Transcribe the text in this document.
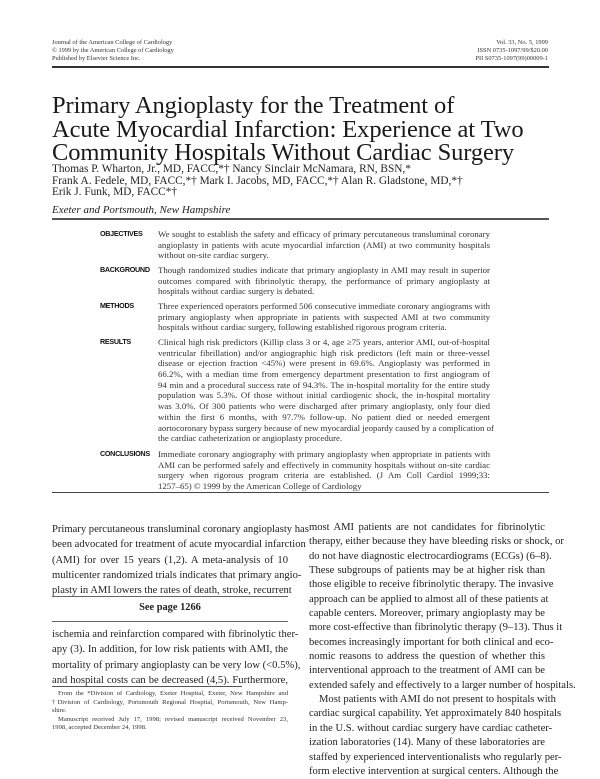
Journal of the American College of Cardiology
© 1999 by the American College of Cardiology
Published by Elsevier Science Inc.
Vol. 33, No. 5, 1999
ISSN 0735-1097/99/$20.00
PII S0735-1097(99)00009-1
Primary Angioplasty for the Treatment of
Acute Myocardial Infarction: Experience at Two
Community Hospitals Without Cardiac Surgery
Thomas P. Wharton, Jr., MD, FACC,*† Nancy Sinclair McNamara, RN, BSN,*
Frank A. Fedele, MD, FACC,*† Mark I. Jacobs, MD, FACC,*† Alan R. Gladstone, MD,*†
Erik J. Funk, MD, FACC*†
Exeter and Portsmouth, New Hampshire
OBJECTIVES We sought to establish the safety and efficacy of primary percutaneous transluminal coronary
angioplasty in patients with acute myocardial infarction (AMI) at two community hospitals
without on-site cardiac surgery.
BACKGROUND Though randomized studies indicate that primary angioplasty in AMI may result in superior
outcomes compared with fibrinolytic therapy, the performance of primary angioplasty at
hospitals without cardiac surgery is debated.
METHODS	Three experienced operators performed 506 consecutive immediate coronary angiograms with
primary angioplasty when appropriate in patients with suspected AMI at two community
hospitals without cardiac surgery, following established rigorous program criteria.
RESULTS	Clinical high risk predictors (Killip class 3 or 4, age ≥75 years, anterior AMI, out-of-hospital
ventricular fibrillation) and/or angiographic high risk predictors (left main or three-vessel
disease or ejection fraction <45%) were present in 69.6%. Angioplasty was performed in
66.2%, with a median time from emergency department presentation to first angiogram of
94 min and a procedural success rate of 94.3%. The in-hospital mortality for the entire study
population was 5.3%. Of those without initial cardiogenic shock, the in-hospital mortality
was 3.0%. Of 300 patients who were discharged after primary angioplasty, only four died
within the first 6 months, with 97.7% follow-up. No patient died or needed emergent
aortocoronary bypass surgery because of new myocardial jeopardy caused by a complication of
the cardiac catheterization or angioplasty procedure.
CONCLUSIONS Immediate coronary angiography with primary angioplasty when appropriate in patients with
AMI can be performed safely and effectively in community hospitals without on-site cardiac
surgery when rigorous program criteria are established. (J Am Coll Cardiol 1999;33:
1257–65) © 1999 by the American College of Cardiology
Primary percutaneous transluminal coronary angioplasty has
been advocated for treatment of acute myocardial infarction
(AMI) for over 15 years (1,2). A meta-analysis of 10
multicenter randomized trials indicates that primary angio-
plasty in AMI lowers the rates of death, stroke, recurrent
See page 1266
ischemia and reinfarction compared with fibrinolytic ther-
apy (3). In addition, for low risk patients with AMI, the
mortality of primary angioplasty can be very low (<0.5%),
and hospital costs can be decreased (4,5). Furthermore,
most AMI patients are not candidates for fibrinolytic
therapy, either because they have bleeding risks or shock, or
do not have diagnostic electrocardiograms (ECGs) (6–8).
These subgroups of patients may be at higher risk than
those eligible to receive fibrinolytic therapy. The invasive
approach can be applied to almost all of these patients at
capable centers. Moreover, primary angioplasty may be
more cost-effective than fibrinolytic therapy (9–13). Thus it
becomes increasingly important for both clinical and eco-
nomic reasons to address the question of whether this
interventional approach to the treatment of AMI can be
extended safely and effectively to a larger number of hospitals.
Most patients with AMI do not present to hospitals with
cardiac surgical capability. Yet approximately 840 hospitals
in the U.S. without cardiac surgery have cardiac catheter-
ization laboratories (14). Many of these laboratories are
staffed by experienced interventionalists who regularly per-
form elective intervention at surgical centers. Although the
From the *Division of Cardiology, Exeter Hospital, Exeter, New Hampshire and
†Division of Cardiology, Portsmouth Regional Hospital, Portsmouth, New Hamp-
shire.
Manuscript received July 17, 1998; revised manuscript received November 23,
1998, accepted December 24, 1998.
